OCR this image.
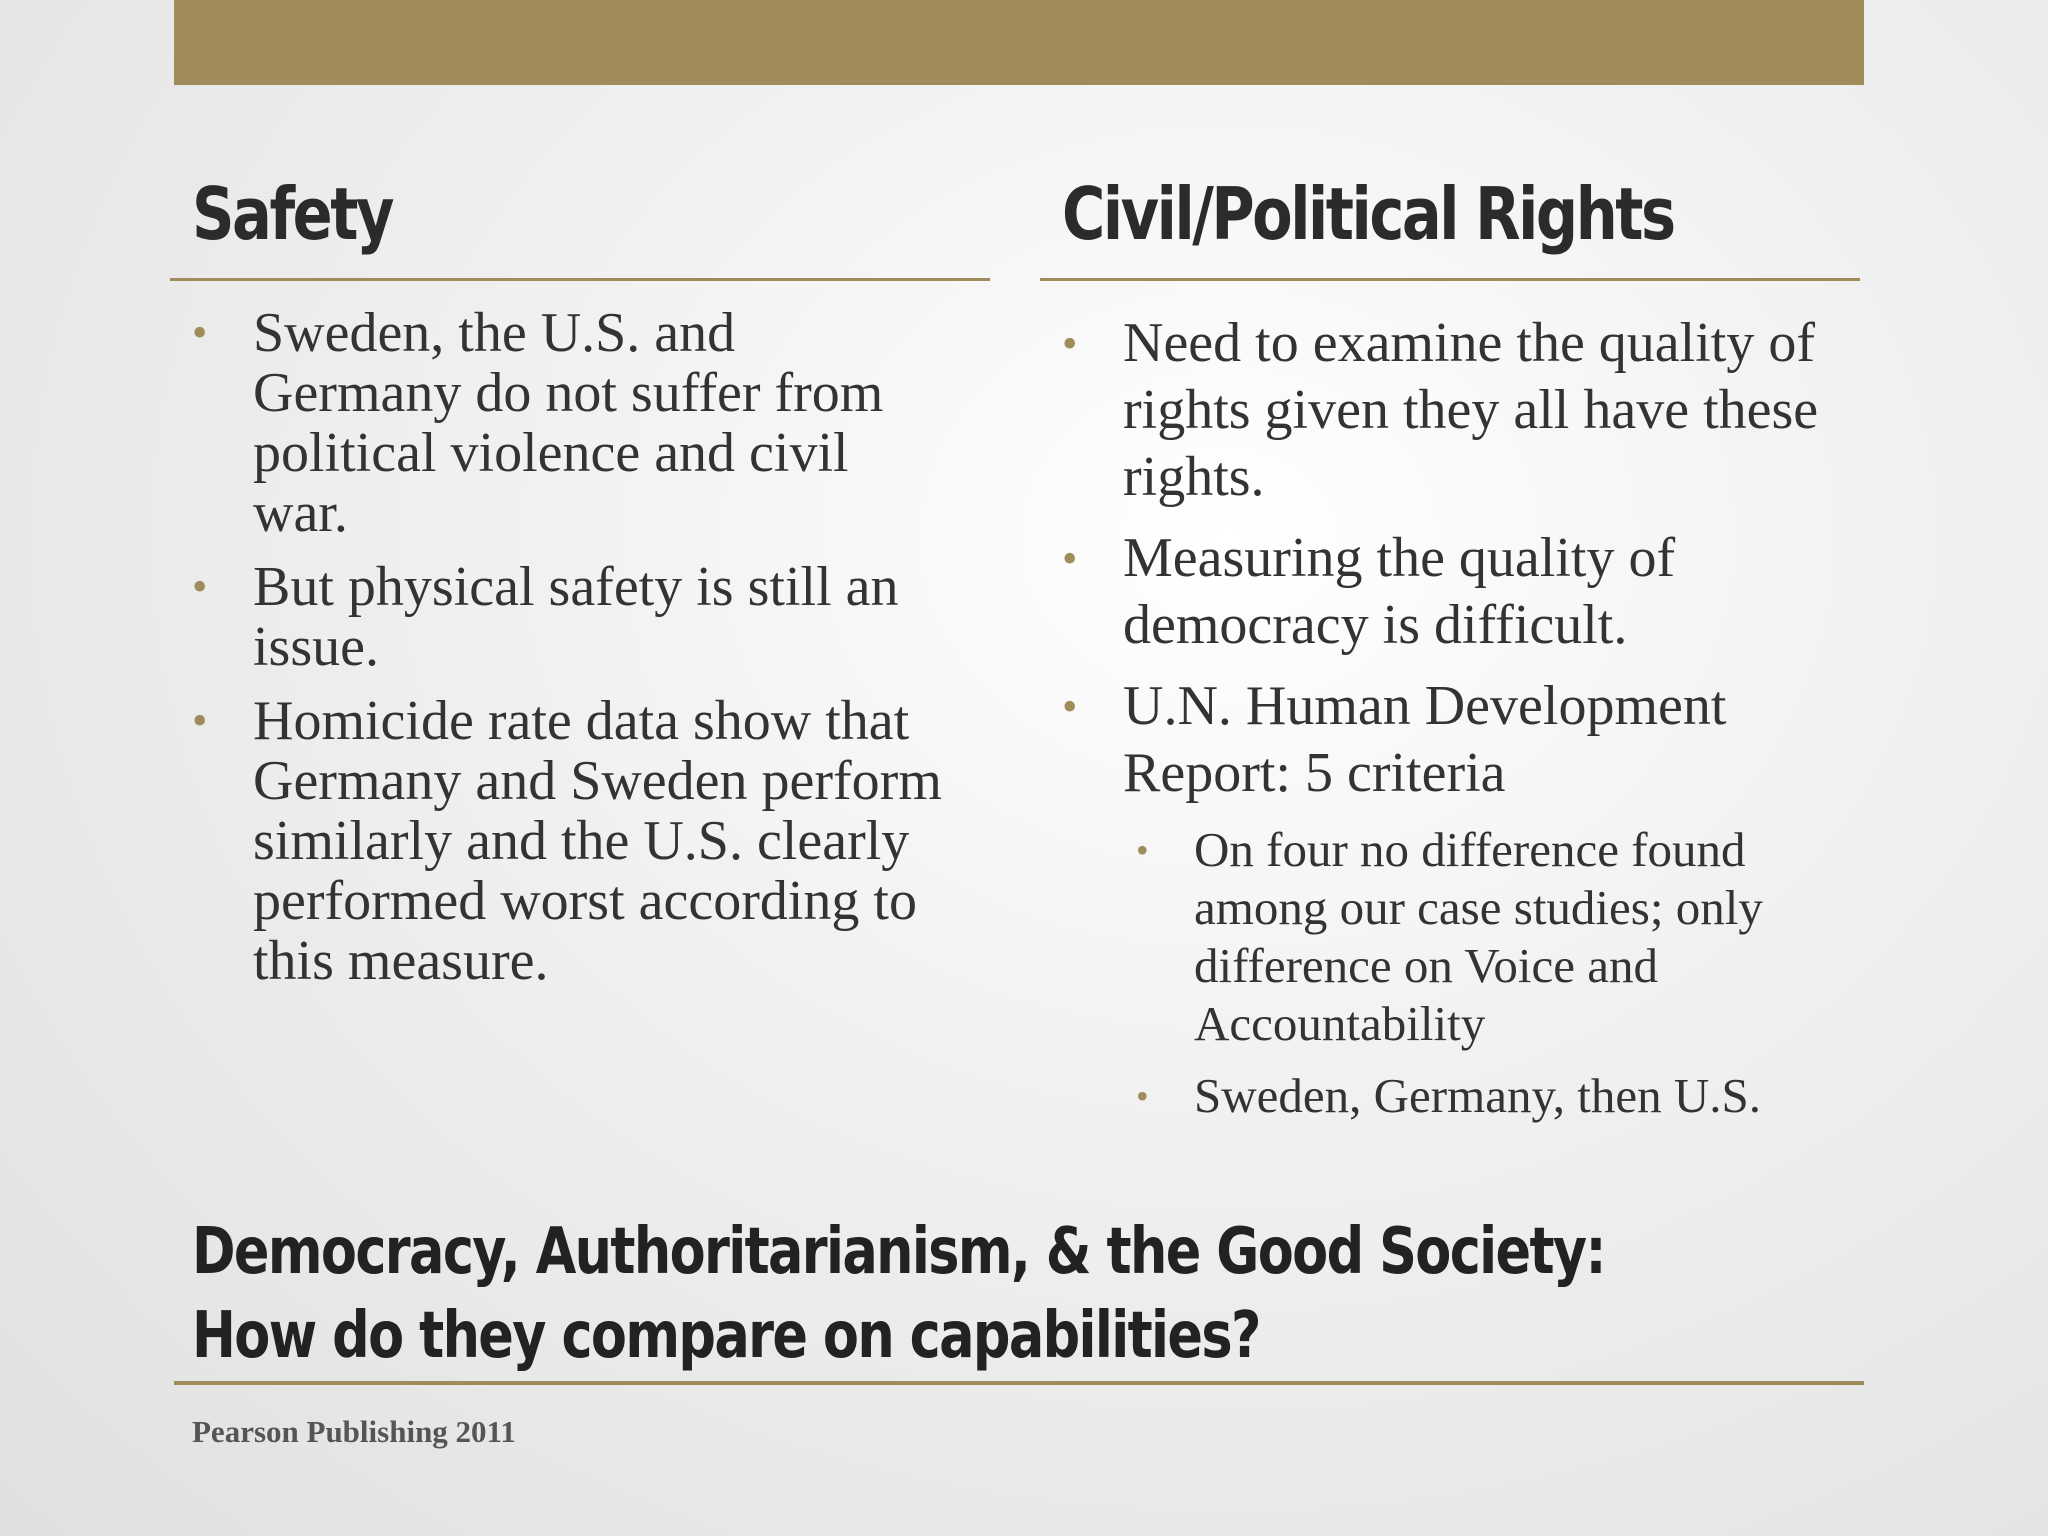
Safety
• Sweden, the U.S. and Germany do not suffer from political violence and civil war.
• But physical safety is still an issue.
• Homicide rate data show that Germany and Sweden perform similarly and the U.S. clearly performed worst according to this measure.
Civil/Political Rights
• Need to examine the quality of rights given they all have these rights.
• Measuring the quality of democracy is difficult.
• U.N. Human Development Report: 5 criteria
• On four no difference found among our case studies; only difference on Voice and Accountability
• Sweden, Germany, then U.S.
Democracy, Authoritarianism, & the Good Society:
How do they compare on capabilities?
Pearson Publishing 2011
